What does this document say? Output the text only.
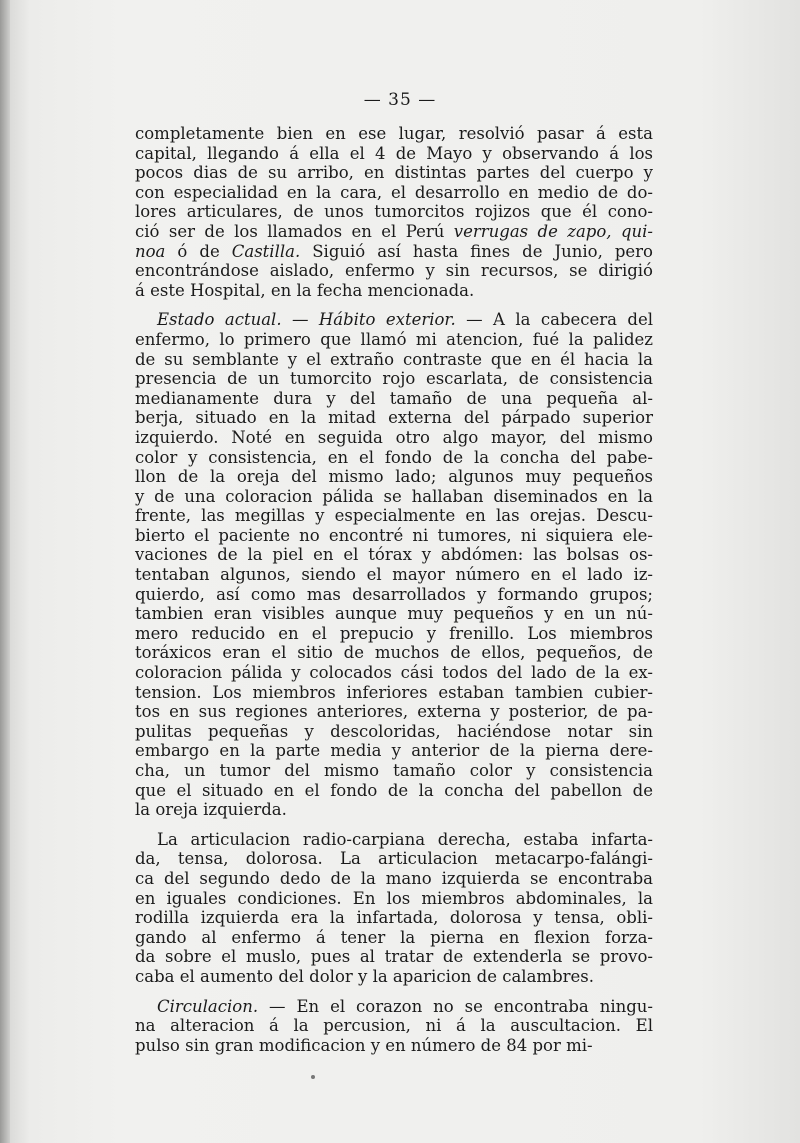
— 35 —
completamente bien en ese lugar, resolvió pasar á esta
capital, llegando á ella el 4 de Mayo y observando á los
pocos dias de su arribo, en distintas partes del cuerpo y
con especialidad en la cara, el desarrollo en medio de do-
lores articulares, de unos tumorcitos rojizos que él cono-
ció ser de los llamados en el Perú verrugas de zapo, qui-
noa ó de Castilla. Siguió así hasta fines de Junio, pero
encontrándose aislado, enfermo y sin recursos, se dirigió
á este Hospital, en la fecha mencionada.
Estado actual. — Hábito exterior. — A la cabecera del
enfermo, lo primero que llamó mi atencion, fué la palidez
de su semblante y el extraño contraste que en él hacia la
presencia de un tumorcito rojo escarlata, de consistencia
medianamente dura y del tamaño de una pequeña al-
berja, situado en la mitad externa del párpado superior
izquierdo. Noté en seguida otro algo mayor, del mismo
color y consistencia, en el fondo de la concha del pabe-
llon de la oreja del mismo lado; algunos muy pequeños
y de una coloracion pálida se hallaban diseminados en la
frente, las megillas y especialmente en las orejas. Descu-
bierto el paciente no encontré ni tumores, ni siquiera ele-
vaciones de la piel en el tórax y abdómen: las bolsas os-
tentaban algunos, siendo el mayor número en el lado iz-
quierdo, así como mas desarrollados y formando grupos;
tambien eran visibles aunque muy pequeños y en un nú-
mero reducido en el prepucio y frenillo. Los miembros
toráxicos eran el sitio de muchos de ellos, pequeños, de
coloracion pálida y colocados cási todos del lado de la ex-
tension. Los miembros inferiores estaban tambien cubier-
tos en sus regiones anteriores, externa y posterior, de pa-
pulitas pequeñas y descoloridas, haciéndose notar sin
embargo en la parte media y anterior de la pierna dere-
cha, un tumor del mismo tamaño color y consistencia
que el situado en el fondo de la concha del pabellon de
la oreja izquierda.
La articulacion radio-carpiana derecha, estaba infarta-
da, tensa, dolorosa. La articulacion metacarpo-falángi-
ca del segundo dedo de la mano izquierda se encontraba
en iguales condiciones. En los miembros abdominales, la
rodilla izquierda era la infartada, dolorosa y tensa, obli-
gando al enfermo á tener la pierna en flexion forza-
da sobre el muslo, pues al tratar de extenderla se provo-
caba el aumento del dolor y la aparicion de calambres.
Circulacion. — En el corazon no se encontraba ningu-
na alteracion á la percusion, ni á la auscultacion. El
pulso sin gran modificacion y en número de 84 por mi-
